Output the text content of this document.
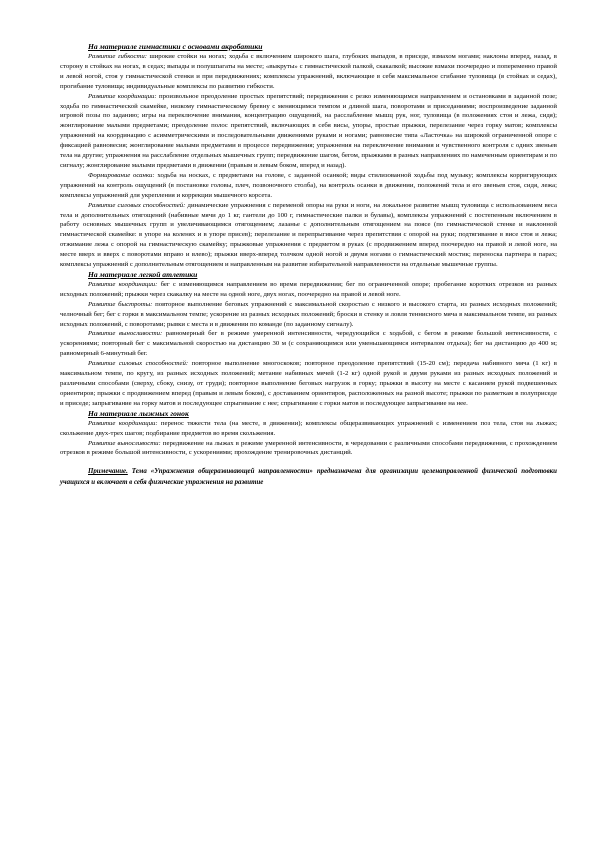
На материале гимнастики с основами акробатики

Развитие гибкости: широкие стойки на ногах; ходьба с включением широкого шага, глубоких выпадов, в приседе, взмахом ногами; наклоны вперед, назад, в сторону в стойках на ногах, в седах; выпады и полушпагаты на месте; «выкруты» с гимнастической палкой, скакалкой; высокие взмахи поочередно и попеременно правой и левой ногой, стоя у гимнастической стенки и при передвижениях; комплексы упражнений, включающие в себя максимальное сгибание туловища (в стойках и седах), прогибание туловища; индивидуальные комплексы по развитию гибкости.

Развитие координации: произвольное преодоление простых препятствий; передвижения с резко изменяющимся направлением и остановками в заданной позе; ходьба по гимнастической скамейке, низкому гимнастическому бревну с меняющимся темпом и длиной шага, поворотами и приседаниями; воспроизведение заданной игровой позы по заданию; игры на переключение внимания, концентрацию ощущений, на расслабление мышц рук, ног, туловища (в положениях стоя и лежа, сидя); жонглирование малыми предметами; преодоление полос препятствий, включающих в себя висы, упоры, простые прыжки, перелезание через горку матов; комплексы упражнений на координацию с асимметрическими и последовательными движениями руками и ногами; равновесие типа «Ласточка» на широкой ограниченной опоре с фиксацией равновесия; жонглирование малыми предметами в процессе передвижения; упражнения на переключение внимания и чувственного контроля с одних звеньев тела на другие; упражнения на расслабление отдельных мышечных групп; передвижение шагом, бегом, прыжками в разных направлениях по намеченным ориентирам и по сигналу; жонглирование малыми предметами в движении (правым и левым боком, вперед и назад).

Формирование осанки: ходьба на носках, с предметами на голове, с заданной осанкой; виды стилизованной ходьбы под музыку; комплексы корригирующих упражнений на контроль ощущений (в постановке головы, плеч, позвоночного столба), на контроль осанки в движении, положений тела и его звеньев стоя, сидя, лежа; комплексы упражнений для укрепления и коррекции мышечного корсета.

Развитие силовых способностей: динамические упражнения с переменой опоры на руки и ноги, на локальное развитие мышц туловища с использованием веса тела и дополнительных отягощений (набивные мячи до 1 кг, гантели до 100 г, гимнастические палки и булавы), комплексы упражнений с постепенным включением в работу основных мышечных групп и увеличивающимся отягощением; лазанье с дополнительным отягощением на поясе (по гимнастической стенке и наклонной гимнастической скамейке: в упоре на коленях и в упоре присев); перелезание и перепрыгивание через препятствия с опорой на руки; подтягивание в висе стоя и лежа; отжимание лежа с опорой на гимнастическую скамейку; прыжковые упражнения с предметом в руках (с продвижением вперед поочередно на правой и левой ноге, на месте вверх и вверх с поворотами вправо и влево); прыжки вверх-вперед толчком одной ногой и двумя ногами о гимнастический мостик; переноска партнера в парах; комплексы упражнений с дополнительным отягощением и направленным на развитие избирательной направленности на отдельные мышечные группы.

На материале легкой атлетики

Развитие координации: бег с изменяющимся направлением во время передвижения; бег по ограниченной опоре; пробегание коротких отрезков из разных исходных положений; прыжки через скакалку на месте на одной ноге, двух ногах, поочередно на правой и левой ноге.

Развитие быстроты: повторное выполнение беговых упражнений с максимальной скоростью с низкого и высокого старта, из разных исходных положений; челночный бег; бег с горки в максимальном темпе; ускорение из разных исходных положений; броски в стенку и ловля теннисного мяча в максимальном темпе, из разных исходных положений, с поворотами; рывки с места и в движении по команде (по заданному сигналу).

Развитие выносливости: равномерный бег в режиме умеренной интенсивности, чередующийся с ходьбой, с бегом в режиме большой интенсивности, с ускорениями; повторный бег с максимальной скоростью на дистанцию 30 м (с сохраняющимся или уменьшающимся интервалом отдыха); бег на дистанцию до 400 м; равномерный 6-минутный бег.

Развитие силовых способностей: повторное выполнение многоскоков; повторное преодоление препятствий (15-20 см); передача набивного мяча (1 кг) в максимальном темпе, по кругу, из разных исходных положений; метание набивных мячей (1-2 кг) одной рукой и двумя руками из разных исходных положений и различными способами (сверху, сбоку, снизу, от груди); повторное выполнение беговых нагрузок в горку; прыжки в высоту на месте с касанием рукой подвешенных ориентиров; прыжки с продвижением вперед (правым и левым боком), с доставанием ориентиров, расположенных на разной высоте; прыжки по разметкам в полуприседе и приседе; запрыгивание на горку матов и последующее спрыгивание с нее; спрыгивание с горки матов и последующее запрыгивание на нее.

На материале лыжных гонок

Развитие координации: перенос тяжести тела (на месте, в движении); комплексы общеразвивающих упражнений с изменением поз тела, стоя на лыжах; скольжение двух-трех шагов; подбирание предметов во время скольжения.

Развитие выносливости: передвижение на лыжах в режиме умеренной интенсивности, в чередовании с различными способами передвижения, с прохождением отрезков в режиме большой интенсивности, с ускорениями; прохождение тренировочных дистанций.

Примечание. Тема «Упражнения общеразвивающей направленности» предназначена для организации целенаправленной физической подготовки учащихся и включает в себя физические упражнения на развитие
